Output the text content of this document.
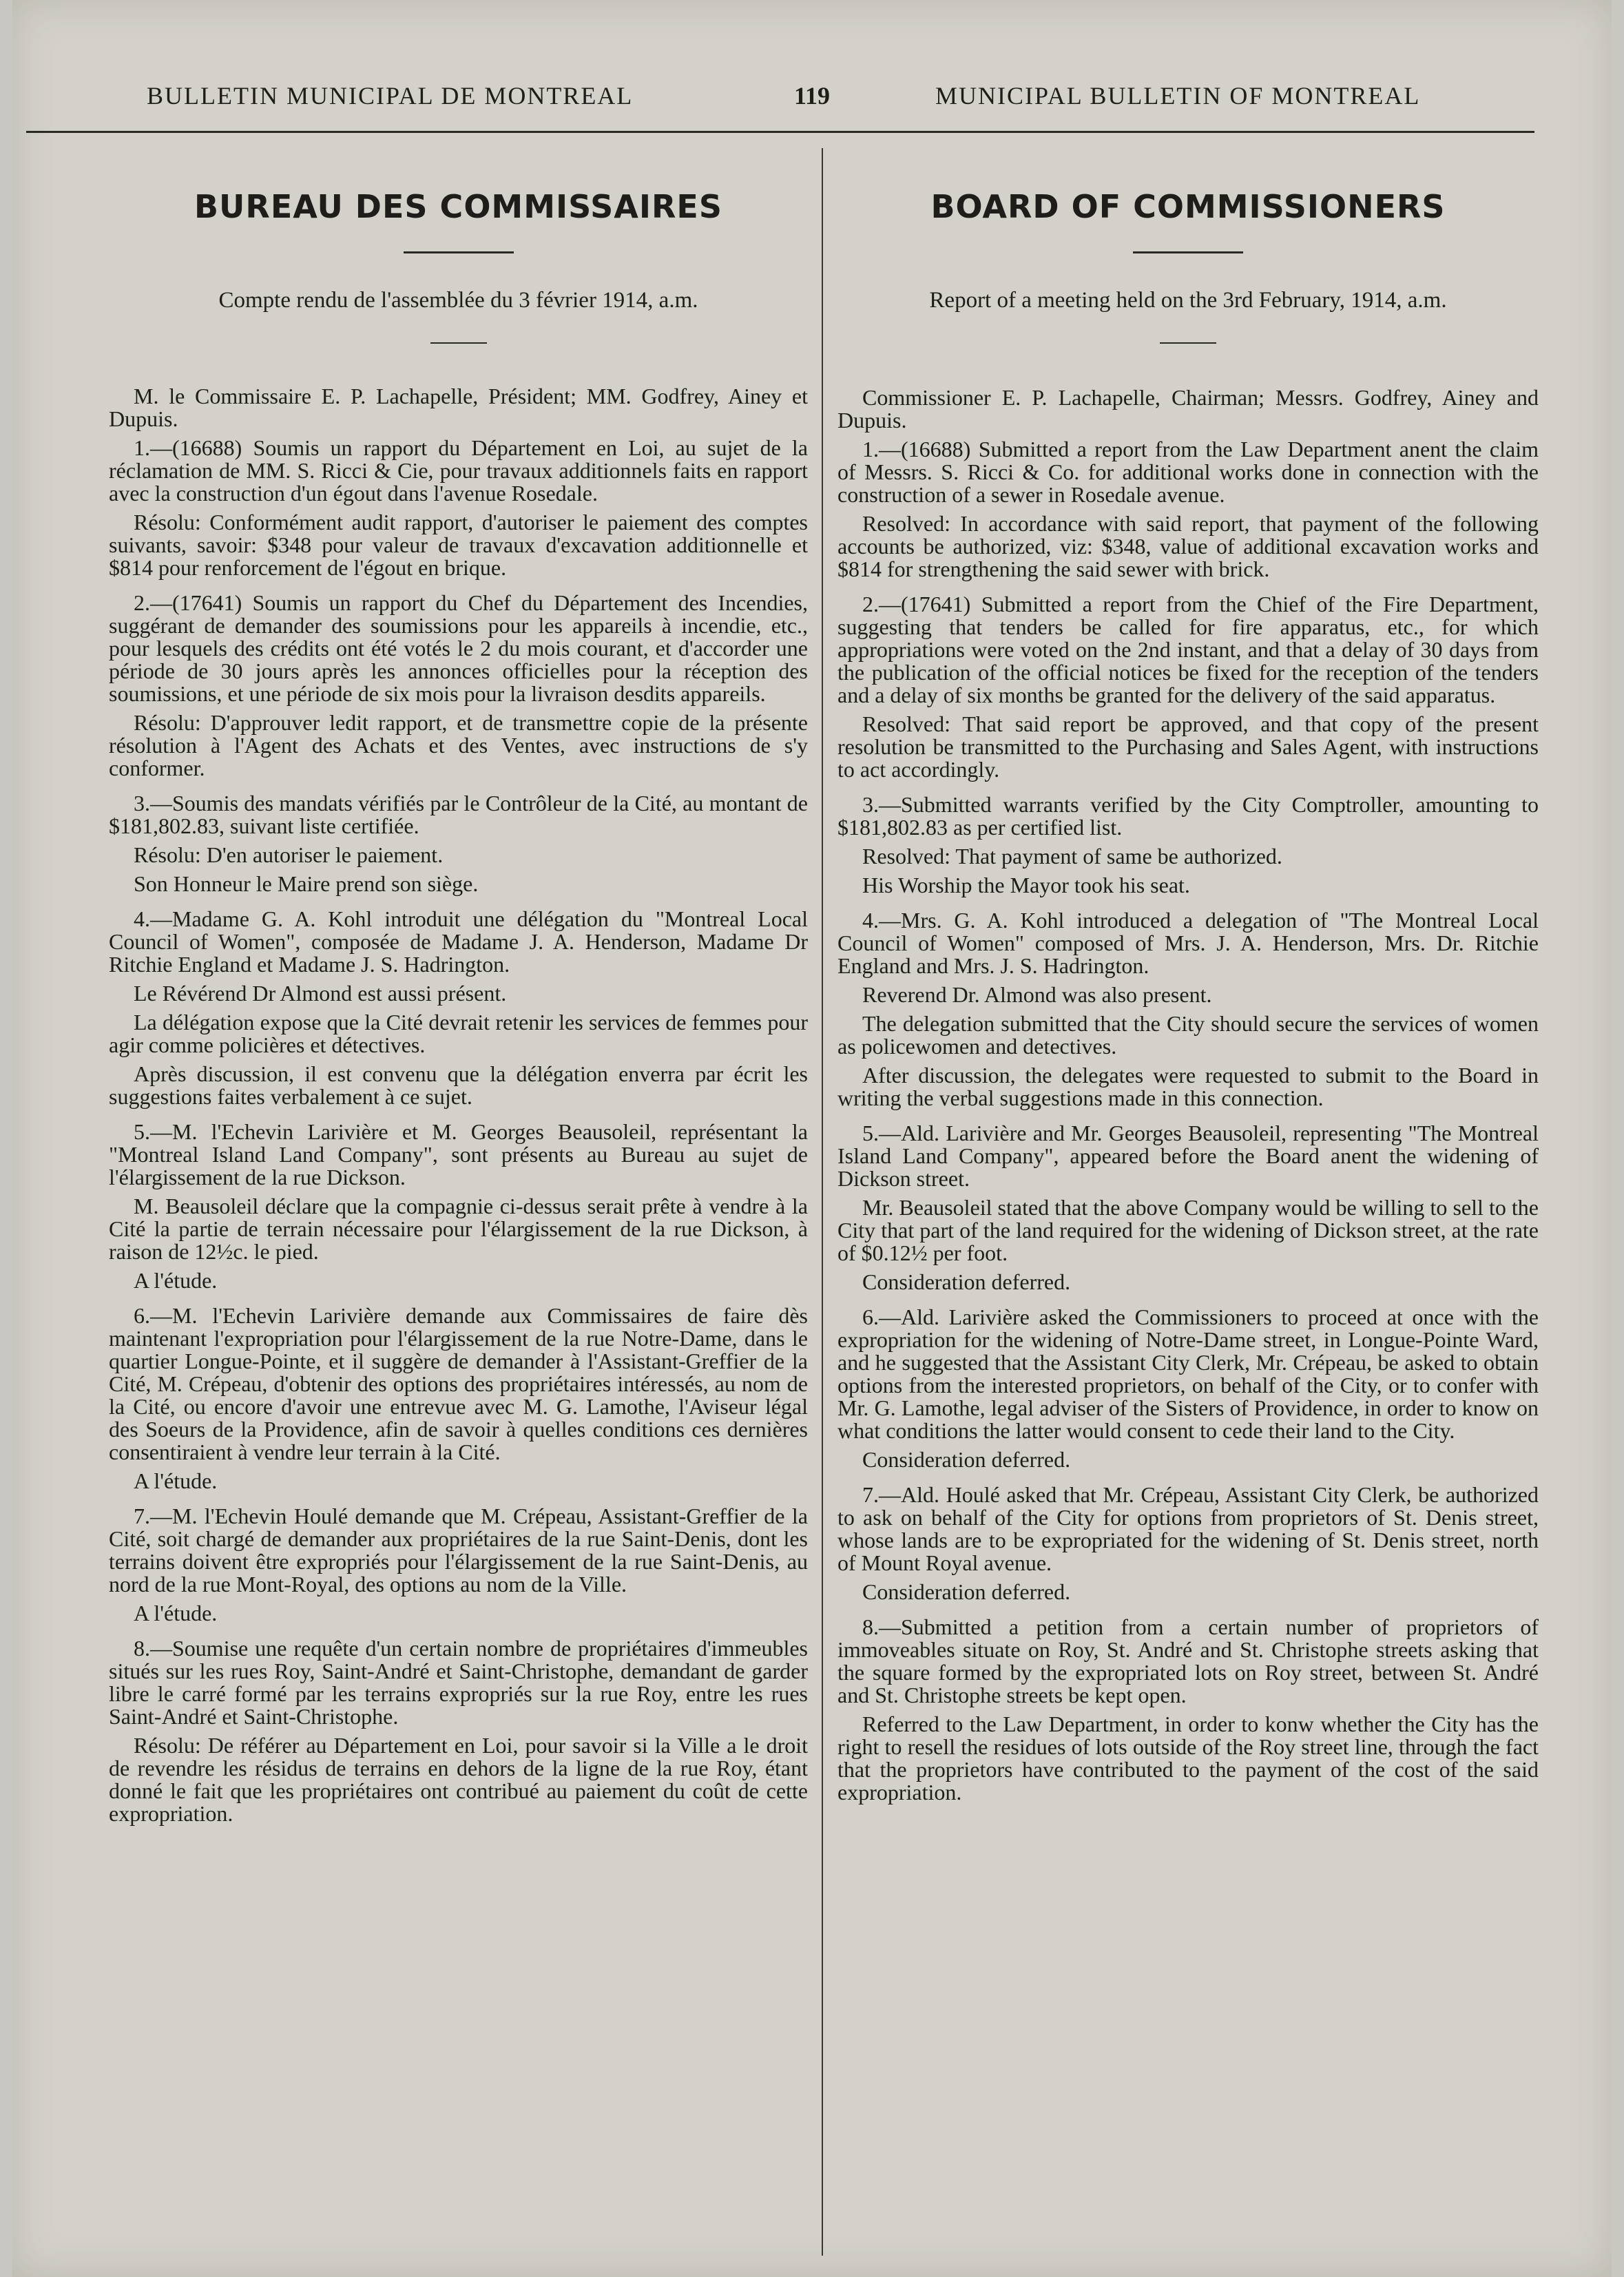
BULLETIN MUNICIPAL DE MONTREAL	119	MUNICIPAL BULLETIN OF MONTREAL
BUREAU DES COMMISSAIRES
Compte rendu de l'assemblée du 3 février 1914, a.m.

M. le Commissaire E. P. Lachapelle, Président; MM. Godfrey, Ainey et Dupuis.

1.—(16688) Soumis un rapport du Département en Loi, au sujet de la réclamation de MM. S. Ricci & Cie, pour travaux additionnels faits en rapport avec la construction d'un égout dans l'avenue Rosedale.

Résolu: Conformément audit rapport, d'autoriser le paiement des comptes suivants, savoir: $348 pour valeur de travaux d'excavation additionnelle et $814 pour renforcement de l'égout en brique.

2.—(17641) Soumis un rapport du Chef du Département des Incendies, suggérant de demander des soumissions pour les appareils à incendie, etc., pour lesquels des crédits ont été votés le 2 du mois courant, et d'accorder une période de 30 jours après les annonces officielles pour la réception des soumissions, et une période de six mois pour la livraison desdits appareils.

Résolu: D'approuver ledit rapport, et de transmettre copie de la présente résolution à l'Agent des Achats et des Ventes, avec instructions de s'y conformer.

3.—Soumis des mandats vérifiés par le Contrôleur de la Cité, au montant de $181,802.83, suivant liste certifiée.

Résolu: D'en autoriser le paiement.

Son Honneur le Maire prend son siège.

4.—Madame G. A. Kohl introduit une délégation du "Montreal Local Council of Women", composée de Madame J. A. Henderson, Madame Dr Ritchie England et Madame J. S. Hadrington.

Le Révérend Dr Almond est aussi présent.

La délégation expose que la Cité devrait retenir les services de femmes pour agir comme policières et détectives.

Après discussion, il est convenu que la délégation enverra par écrit les suggestions faites verbalement à ce sujet.

5.—M. l'Echevin Larivière et M. Georges Beausoleil, représentant la "Montreal Island Land Company", sont présents au Bureau au sujet de l'élargissement de la rue Dickson.

M. Beausoleil déclare que la compagnie ci-dessus serait prête à vendre à la Cité la partie de terrain nécessaire pour l'élargissement de la rue Dickson, à raison de 12½c. le pied.

A l'étude.

6.—M. l'Echevin Larivière demande aux Commissaires de faire dès maintenant l'expropriation pour l'élargissement de la rue Notre-Dame, dans le quartier Longue-Pointe, et il suggère de demander à l'Assistant-Greffier de la Cité, M. Crépeau, d'obtenir des options des propriétaires intéressés, au nom de la Cité, ou encore d'avoir une entrevue avec M. G. Lamothe, l'Aviseur légal des Soeurs de la Providence, afin de savoir à quelles conditions ces dernières consentiraient à vendre leur terrain à la Cité.

A l'étude.

7.—M. l'Echevin Houlé demande que M. Crépeau, Assistant-Greffier de la Cité, soit chargé de demander aux propriétaires de la rue Saint-Denis, dont les terrains doivent être expropriés pour l'élargissement de la rue Saint-Denis, au nord de la rue Mont-Royal, des options au nom de la Ville.

A l'étude.

8.—Soumise une requête d'un certain nombre de propriétaires d'immeubles situés sur les rues Roy, Saint-André et Saint-Christophe, demandant de garder libre le carré formé par les terrains expropriés sur la rue Roy, entre les rues Saint-André et Saint-Christophe.

Résolu: De référer au Département en Loi, pour savoir si la Ville a le droit de revendre les résidus de terrains en dehors de la ligne de la rue Roy, étant donné le fait que les propriétaires ont contribué au paiement du coût de cette expropriation.

BOARD OF COMMISSIONERS
Report of a meeting held on the 3rd February, 1914, a.m.

Commissioner E. P. Lachapelle, Chairman; Messrs. Godfrey, Ainey and Dupuis.

1.—(16688) Submitted a report from the Law Department anent the claim of Messrs. S. Ricci & Co. for additional works done in connection with the construction of a sewer in Rosedale avenue.

Resolved: In accordance with said report, that payment of the following accounts be authorized, viz: $348, value of additional excavation works and $814 for strengthening the said sewer with brick.

2.—(17641) Submitted a report from the Chief of the Fire Department, suggesting that tenders be called for fire apparatus, etc., for which appropriations were voted on the 2nd instant, and that a delay of 30 days from the publication of the official notices be fixed for the reception of the tenders and a delay of six months be granted for the delivery of the said apparatus.

Resolved: That said report be approved, and that copy of the present resolution be transmitted to the Purchasing and Sales Agent, with instructions to act accordingly.

3.—Submitted warrants verified by the City Comptroller, amounting to $181,802.83 as per certified list.

Resolved: That payment of same be authorized.

His Worship the Mayor took his seat.

4.—Mrs. G. A. Kohl introduced a delegation of "The Montreal Local Council of Women" composed of Mrs. J. A. Henderson, Mrs. Dr. Ritchie England and Mrs. J. S. Hadrington.

Reverend Dr. Almond was also present.

The delegation submitted that the City should secure the services of women as policewomen and detectives.

After discussion, the delegates were requested to submit to the Board in writing the verbal suggestions made in this connection.

5.—Ald. Larivière and Mr. Georges Beausoleil, representing "The Montreal Island Land Company", appeared before the Board anent the widening of Dickson street.

Mr. Beausoleil stated that the above Company would be willing to sell to the City that part of the land required for the widening of Dickson street, at the rate of $0.12½ per foot.

Consideration deferred.

6.—Ald. Larivière asked the Commissioners to proceed at once with the expropriation for the widening of Notre-Dame street, in Longue-Pointe Ward, and he suggested that the Assistant City Clerk, Mr. Crépeau, be asked to obtain options from the interested proprietors, on behalf of the City, or to confer with Mr. G. Lamothe, legal adviser of the Sisters of Providence, in order to know on what conditions the latter would consent to cede their land to the City.

Consideration deferred.

7.—Ald. Houlé asked that Mr. Crépeau, Assistant City Clerk, be authorized to ask on behalf of the City for options from proprietors of St. Denis street, whose lands are to be expropriated for the widening of St. Denis street, north of Mount Royal avenue.

Consideration deferred.

8.—Submitted a petition from a certain number of proprietors of immoveables situate on Roy, St. André and St. Christophe streets asking that the square formed by the expropriated lots on Roy street, between St. André and St. Christophe streets be kept open.

Referred to the Law Department, in order to konw whether the City has the right to resell the residues of lots outside of the Roy street line, through the fact that the proprietors have contributed to the payment of the cost of the said expropriation.
